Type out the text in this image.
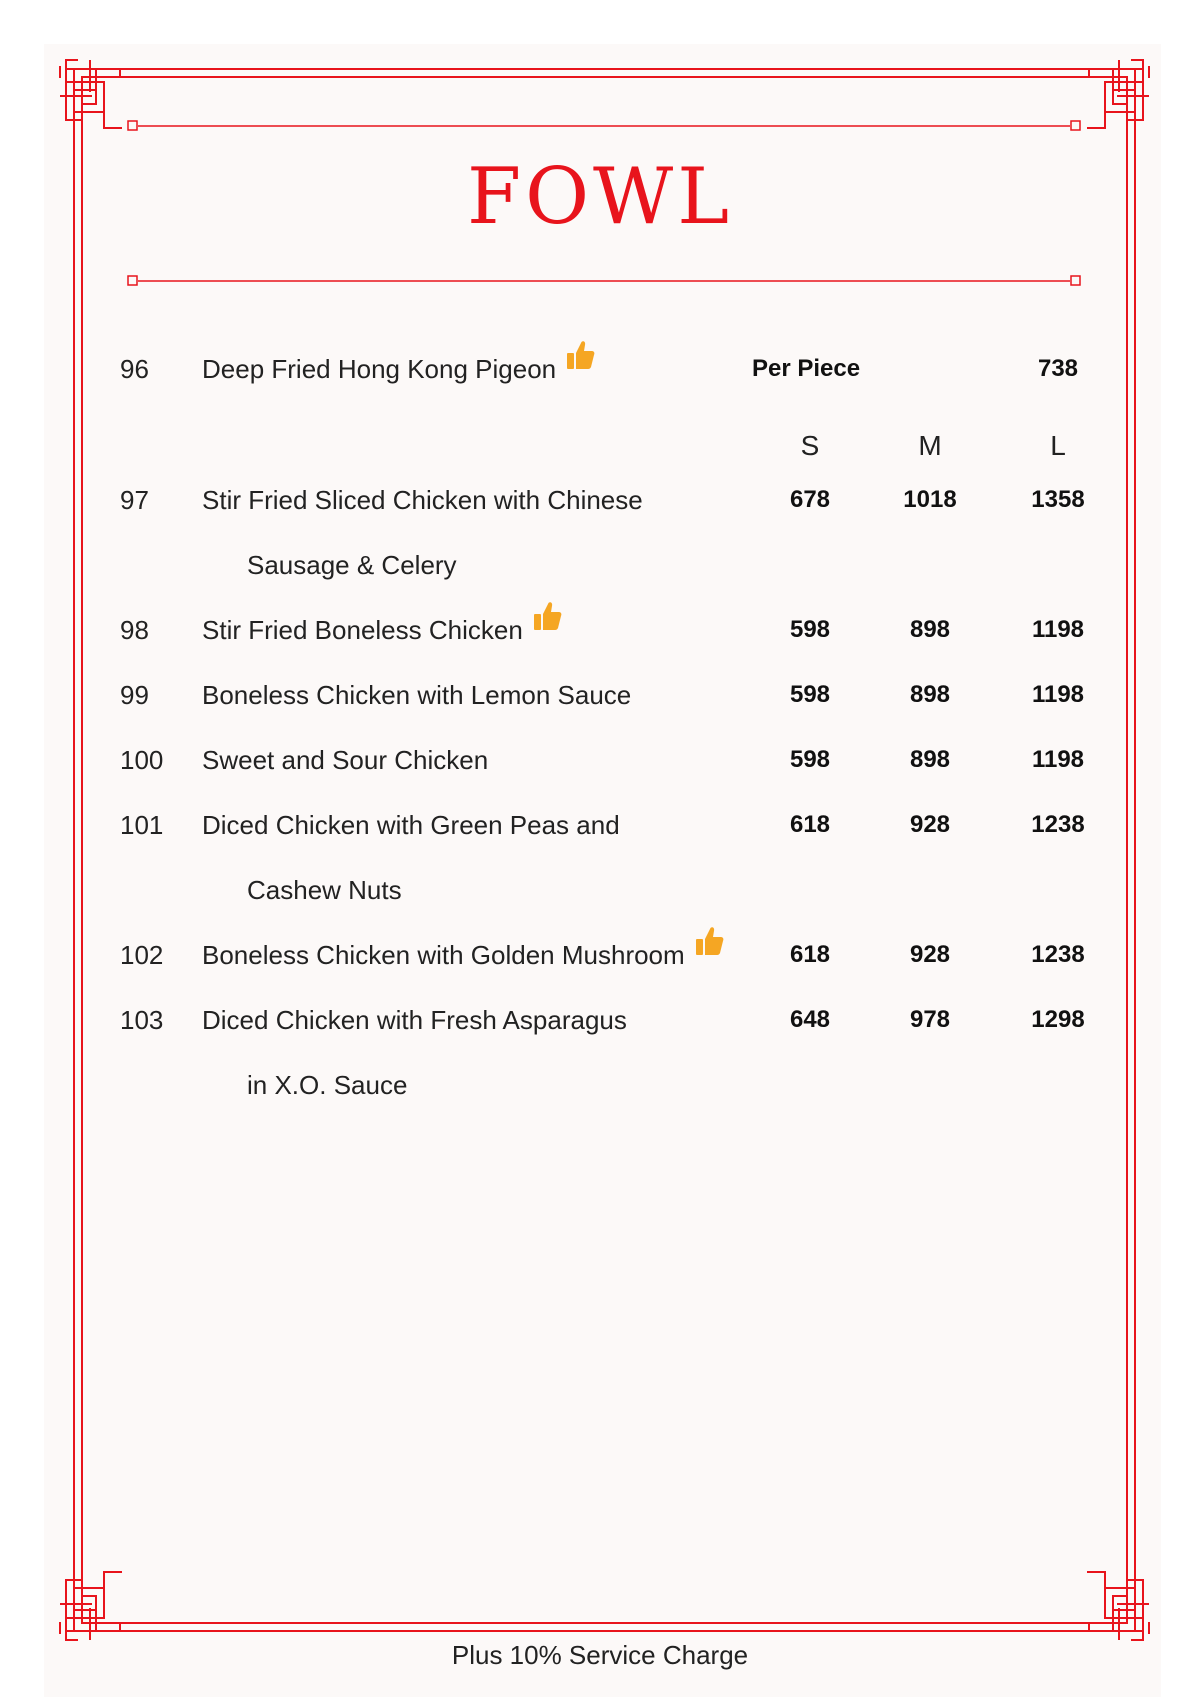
FOWL
96 Deep Fried Hong Kong Pigeon	Per Piece	738
S	M	L
97 Stir Fried Sliced Chicken with Chinese	678	1018	1358
Sausage & Celery
98 Stir Fried Boneless Chicken	598	898	1198
99 Boneless Chicken with Lemon Sauce	598	898	1198
100 Sweet and Sour Chicken	598	898	1198
101 Diced Chicken with Green Peas and	618	928	1238
Cashew Nuts
102 Boneless Chicken with Golden Mushroom	618	928	1238
103 Diced Chicken with Fresh Asparagus	648	978	1298
in X.O. Sauce
Plus 10% Service Charge
